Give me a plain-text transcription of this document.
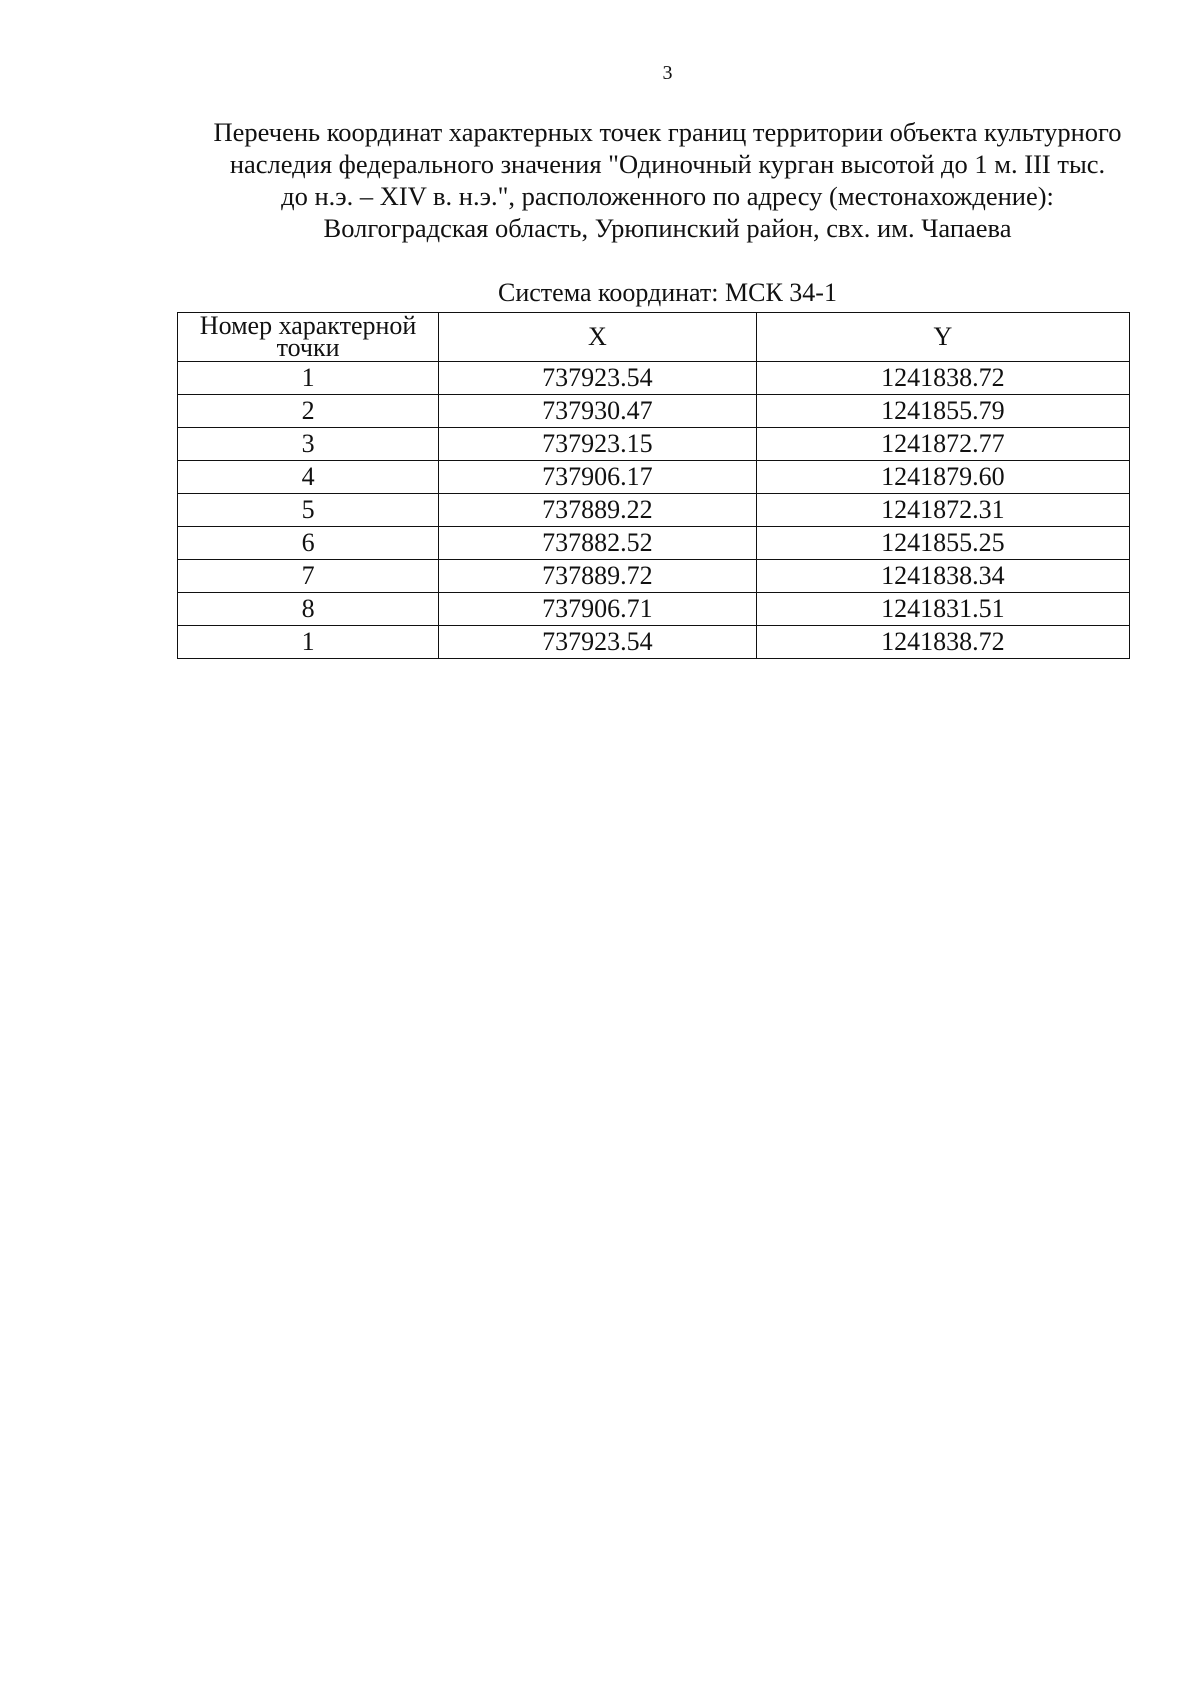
3
Перечень координат характерных точек границ территории объекта культурного
наследия федерального значения "Одиночный курган высотой до 1 м. III тыс.
до н.э. – XIV в. н.э.", расположенного по адресу (местонахождение):
Волгоградская область, Урюпинский район, свх. им. Чапаева
Система координат: МСК 34-1
Номер характерной точки	X	Y
1	737923.54	1241838.72
2	737930.47	1241855.79
3	737923.15	1241872.77
4	737906.17	1241879.60
5	737889.22	1241872.31
6	737882.52	1241855.25
7	737889.72	1241838.34
8	737906.71	1241831.51
1	737923.54	1241838.72
